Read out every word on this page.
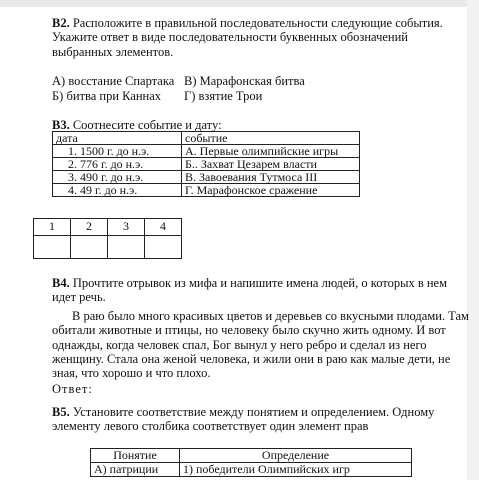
B2. Расположите в правильной последовательности следующие события. Укажите ответ в виде последовательности буквенных обозначений выбранных элементов.

А) восстание Спартака В) Марафонская битва
Б) битва при Каннах Г) взятие Трои
B3. Соотнесите событие и дату:
дата	событие
1. 1500 г. до н.э.	А. Первые олимпийские игры
2. 776 г. до н.э.	Б.. Захват Цезарем власти
3. 490 г. до н.э.	В. Завоевания Тутмоса III
4. 49 г. до н.э.	Г. Марафонское сражение
1	2	3	4

B4. Прочтите отрывок из мифа и напишите имена людей, о которых в нем идет речь.

В раю было много красивых цветов и деревьев со вкусными плодами. Там обитали животные и птицы, но человеку было скучно жить одному. И вот однажды, когда человек спал, Бог вынул у него ребро и сделал из него женщину. Стала она женой человека, и жили они в раю как малые дети, не зная, что хорошо и что плохо.

Ответ:

B5. Установите соответствие между понятием и определением. Одному элементу левого столбика соответствует один элемент прав

Понятие	Определение
А) патриции	1) победители Олимпийских игр
